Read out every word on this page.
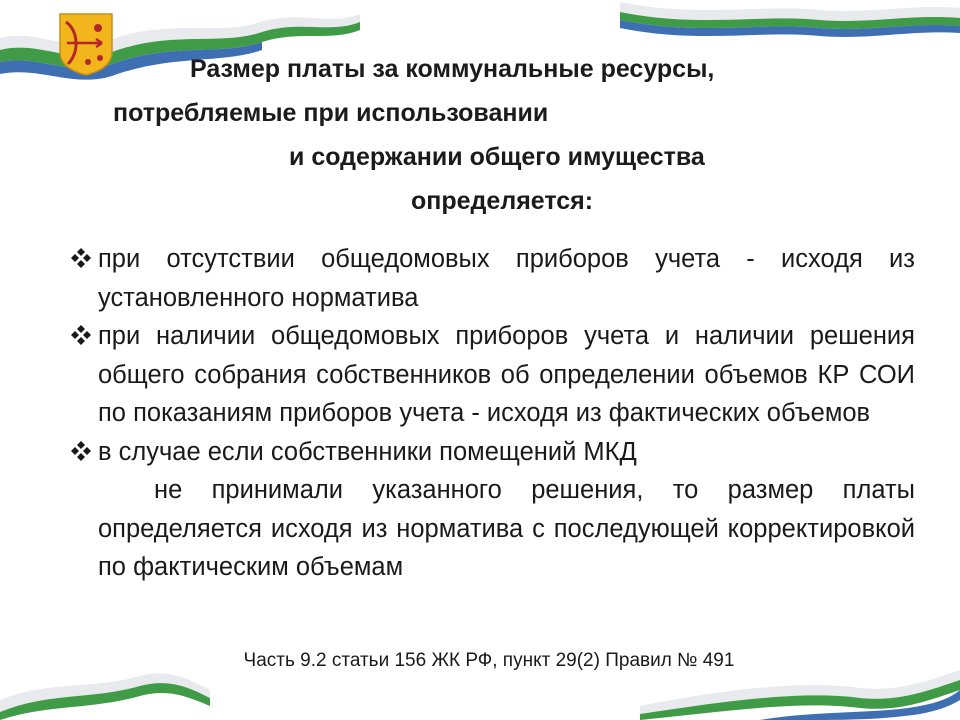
Размер платы за коммунальные ресурсы,
потребляемые при использовании
и содержании общего имущества
определяется:
при отсутствии общедомовых приборов учета - исходя из установленного норматива
при наличии общедомовых приборов учета и наличии решения общего собрания собственников об определении объемов КР СОИ по показаниям приборов учета - исходя из фактических объемов
в случае если собственники помещений МКД
не принимали указанного решения, то размер платы определяется исходя из норматива с последующей корректировкой по фактическим объемам
Часть 9.2 статьи 156 ЖК РФ, пункт 29(2) Правил № 491
